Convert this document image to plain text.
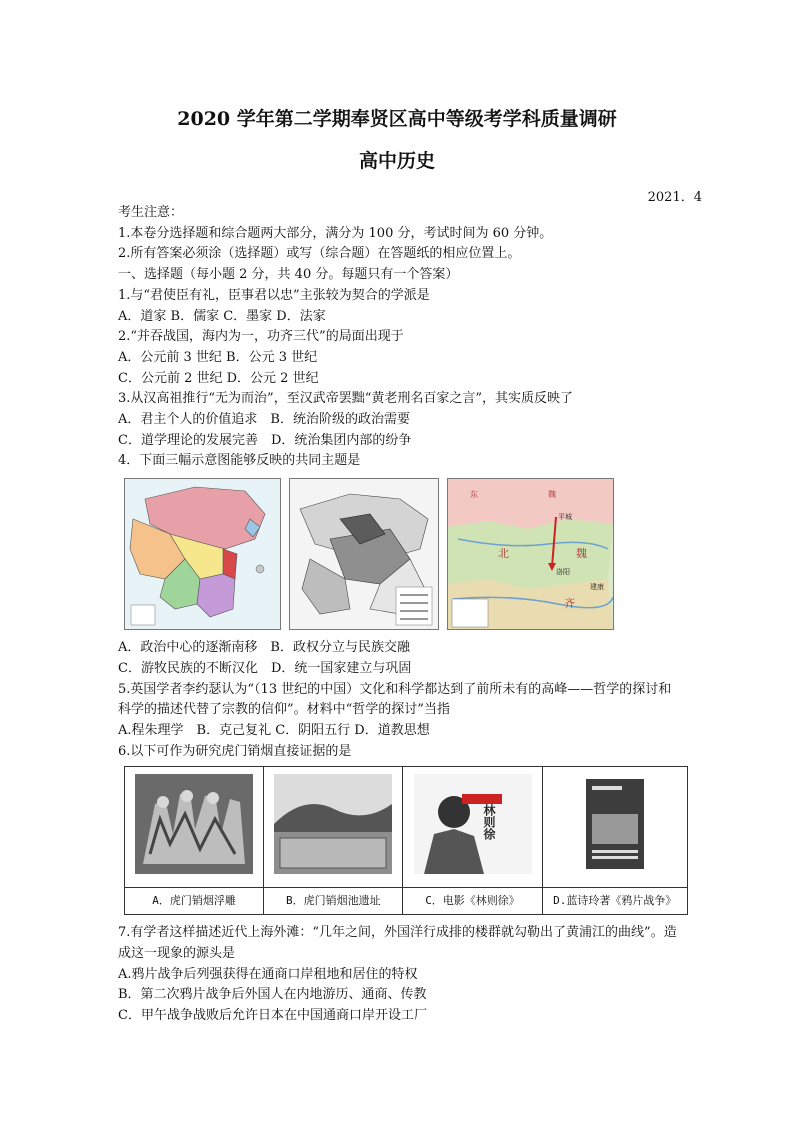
2020 学年第二学期奉贤区高中等级考学科质量调研
高中历史
2021．4
考生注意：
1.本卷分选择题和综合题两大部分，满分为 100 分，考试时间为 60 分钟。
2.所有答案必须涂（选择题）或写（综合题）在答题纸的相应位置上。
一、选择题（每小题 2 分，共 40 分。每题只有一个答案）
1.与“君使臣有礼，臣事君以忠”主张较为契合的学派是
A．道家 B．儒家 C．墨家 D．法家
2.“并吞战国，海内为一，功齐三代”的局面出现于
A．公元前 3 世纪 B．公元 3 世纪
C．公元前 2 世纪 D．公元 2 世纪
3.从汉高祖推行“无为而治”，至汉武帝罢黜“黄老刑名百家之言”，其实质反映了
A．君主个人的价值追求　B．统治阶级的政治需要
C．道学理论的发展完善　D．统治集团内部的纷争
4．下面三幅示意图能够反映的共同主题是
东	魏
北	魏
平城
洛阳
齐
建康
A．政治中心的逐渐南移　B．政权分立与民族交融
C．游牧民族的不断汉化　D．统一国家建立与巩固
5.英国学者李约瑟认为“（13 世纪的中国）文化和科学都达到了前所未有的高峰——哲学的探讨和科学的描述代替了宗教的信仰”。材料中“哲学的探讨”当指
A.程朱理学　B．克己复礼 C．阴阳五行 D．道教思想
6.以下可作为研究虎门销烟直接证据的是

林则徐

A．虎门销烟浮雕	B．虎门销烟池遗址	C．电影《林则徐》	D.蓝诗玲著《鸦片战争》
7.有学者这样描述近代上海外滩：“几年之间，外国洋行成排的楼群就勾勒出了黄浦江的曲线”。造成这一现象的源头是
A.鸦片战争后列强获得在通商口岸租地和居住的特权
B．第二次鸦片战争后外国人在内地游历、通商、传教
C．甲午战争战败后允许日本在中国通商口岸开设工厂
